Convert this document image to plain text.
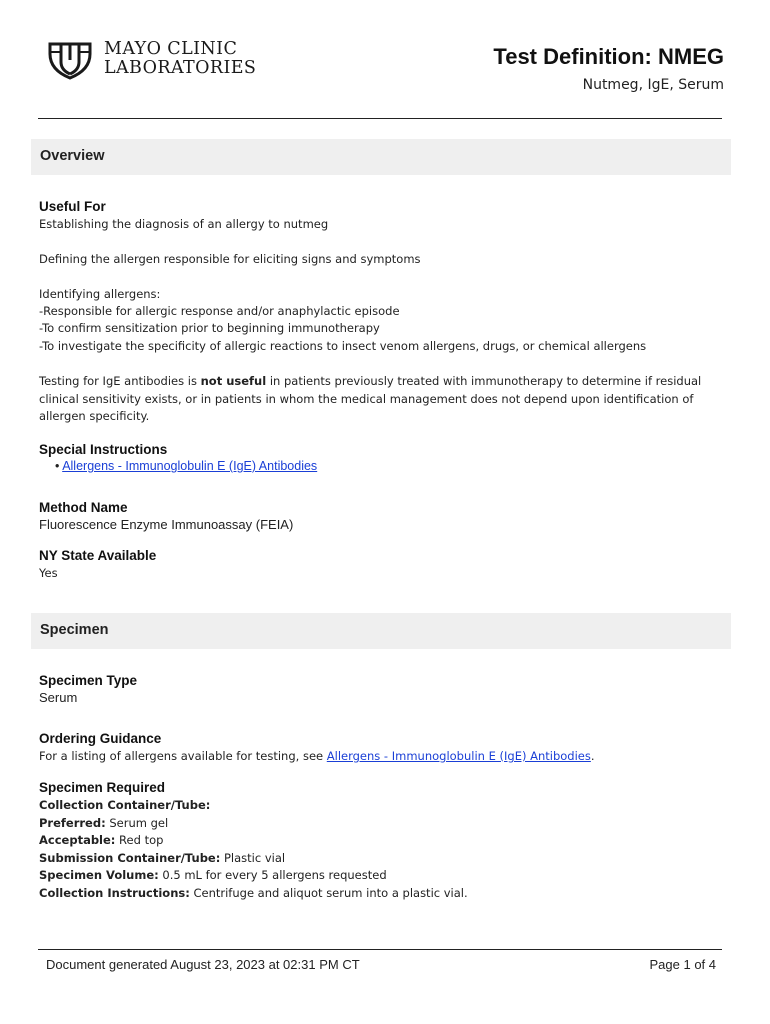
MAYO CLINIC
LABORATORIES	Test Definition: NMEG
Nutmeg, IgE, Serum
Overview
Useful For
Establishing the diagnosis of an allergy to nutmeg
Defining the allergen responsible for eliciting signs and symptoms
Identifying allergens:
-Responsible for allergic response and/or anaphylactic episode
-To confirm sensitization prior to beginning immunotherapy
-To investigate the specificity of allergic reactions to insect venom allergens, drugs, or chemical allergens
Testing for IgE antibodies is not useful in patients previously treated with immunotherapy to determine if residual clinical sensitivity exists, or in patients in whom the medical management does not depend upon identification of allergen specificity.
Special Instructions
• Allergens - Immunoglobulin E (IgE) Antibodies
Method Name
Fluorescence Enzyme Immunoassay (FEIA)
NY State Available
Yes
Specimen
Specimen Type
Serum
Ordering Guidance
For a listing of allergens available for testing, see Allergens - Immunoglobulin E (IgE) Antibodies.
Specimen Required
Collection Container/Tube:
Preferred: Serum gel
Acceptable: Red top
Submission Container/Tube: Plastic vial
Specimen Volume: 0.5 mL for every 5 allergens requested
Collection Instructions: Centrifuge and aliquot serum into a plastic vial.
Document generated August 23, 2023 at 02:31 PM CT	Page 1 of 4
